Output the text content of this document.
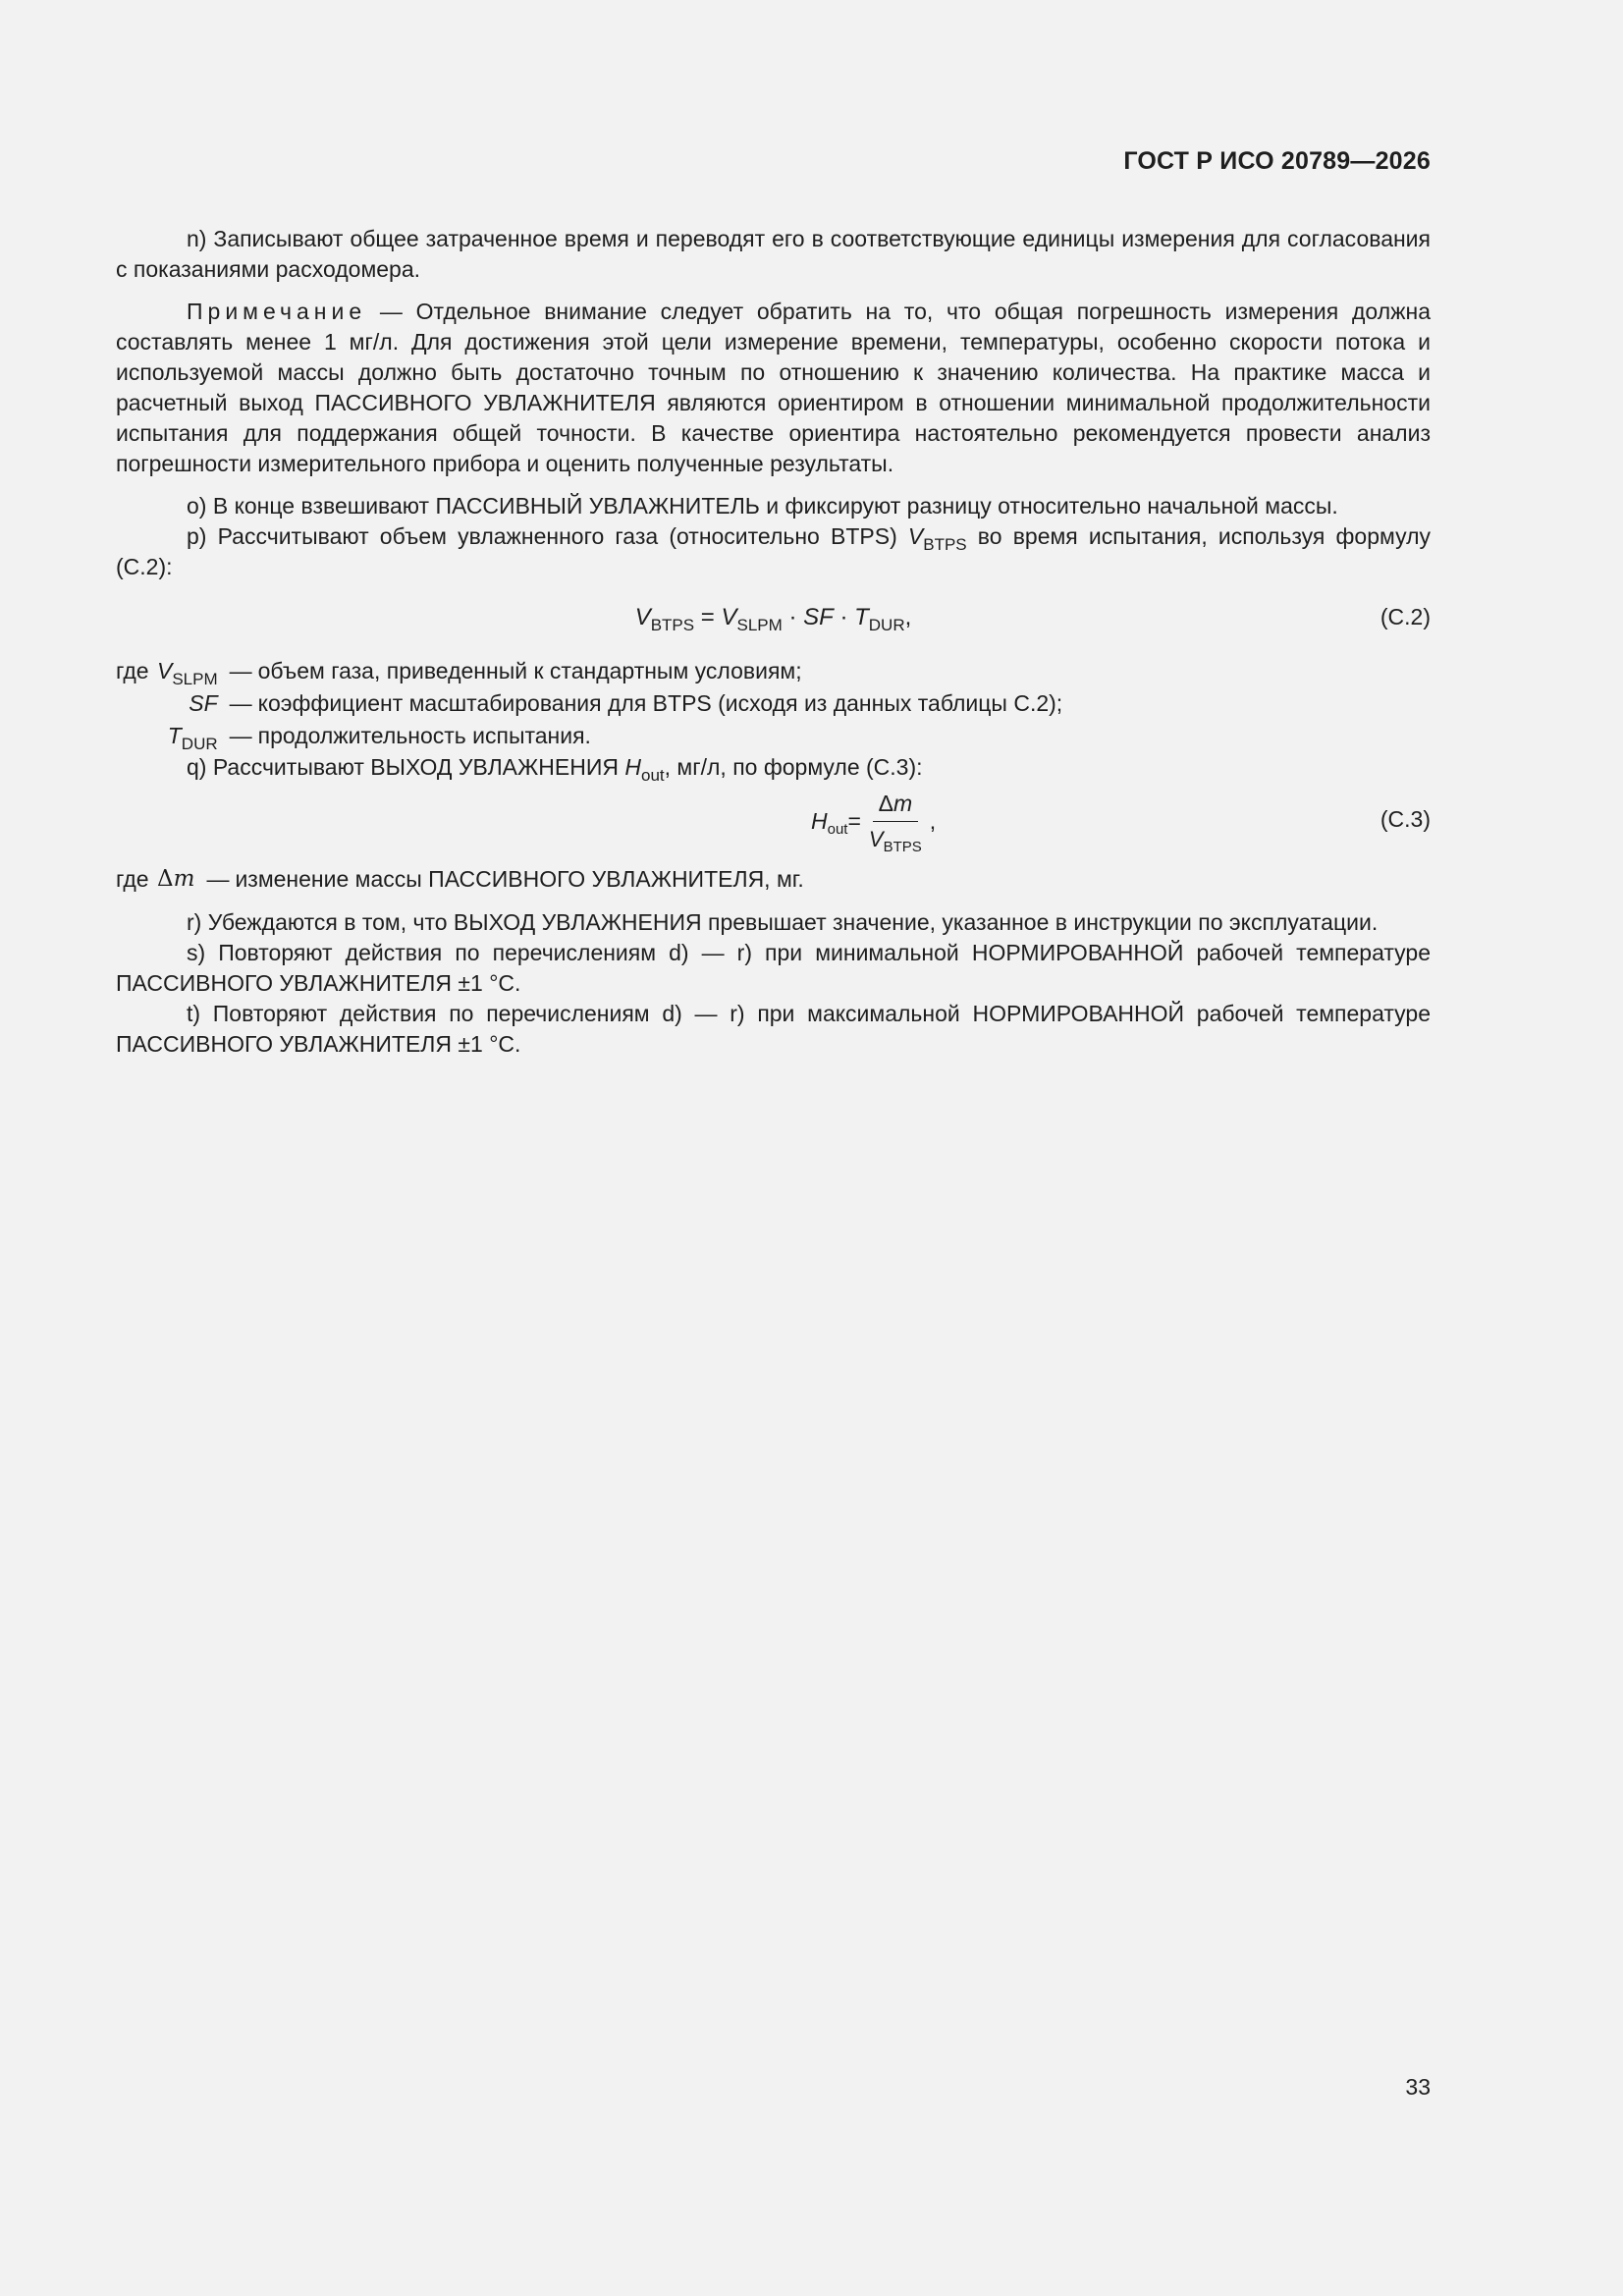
ГОСТ Р ИСО 20789—2026

n) Записывают общее затраченное время и переводят его в соответствующие единицы измерения для согласования с показаниями расходомера.

Примечание — Отдельное внимание следует обратить на то, что общая погрешность измерения должна составлять менее 1 мг/л. Для достижения этой цели измерение времени, температуры, особенно скорости потока и используемой массы должно быть достаточно точным по отношению к значению количества. На практике масса и расчетный выход ПАССИВНОГО УВЛАЖНИТЕЛЯ являются ориентиром в отношении минимальной продолжительности испытания для поддержания общей точности. В качестве ориентира настоятельно рекомендуется провести анализ погрешности измерительного прибора и оценить полученные результаты.

о) В конце взвешивают ПАССИВНЫЙ УВЛАЖНИТЕЛЬ и фиксируют разницу относительно начальной массы.

p) Рассчитывают объем увлажненного газа (относительно BTPS) $V_{BTPS}$ во время испытания, используя формулу (С.2):

$V_{BTPS} = V_{SLPM}$ · SF · $T_{DUR}$,	(С.2)
где	$V_{SLPM}$	—	объем газа, приведенный к стандартным условиям;
	SF	—	коэффициент масштабирования для BTPS (исходя из данных таблицы С.2);
	$T_{DUR}$	—	продолжительность испытания.

q) Рассчитывают ВЫХОД УВЛАЖНЕНИЯ $H_{out}$, мг/л, по формуле (С.3):

$H_{out} = \frac{\Delta m}{V_{BTPS}}$ ,	(С.3)
где	Δm	—	изменение массы ПАССИВНОГО УВЛАЖНИТЕЛЯ, мг.

r) Убеждаются в том, что ВЫХОД УВЛАЖНЕНИЯ превышает значение, указанное в инструкции по эксплуатации.

s) Повторяют действия по перечислениям d) — r) при минимальной НОРМИРОВАННОЙ рабочей температуре ПАССИВНОГО УВЛАЖНИТЕЛЯ ±1 °С.

t) Повторяют действия по перечислениям d) — r) при максимальной НОРМИРОВАННОЙ рабочей температуре ПАССИВНОГО УВЛАЖНИТЕЛЯ ±1 °С.

33
